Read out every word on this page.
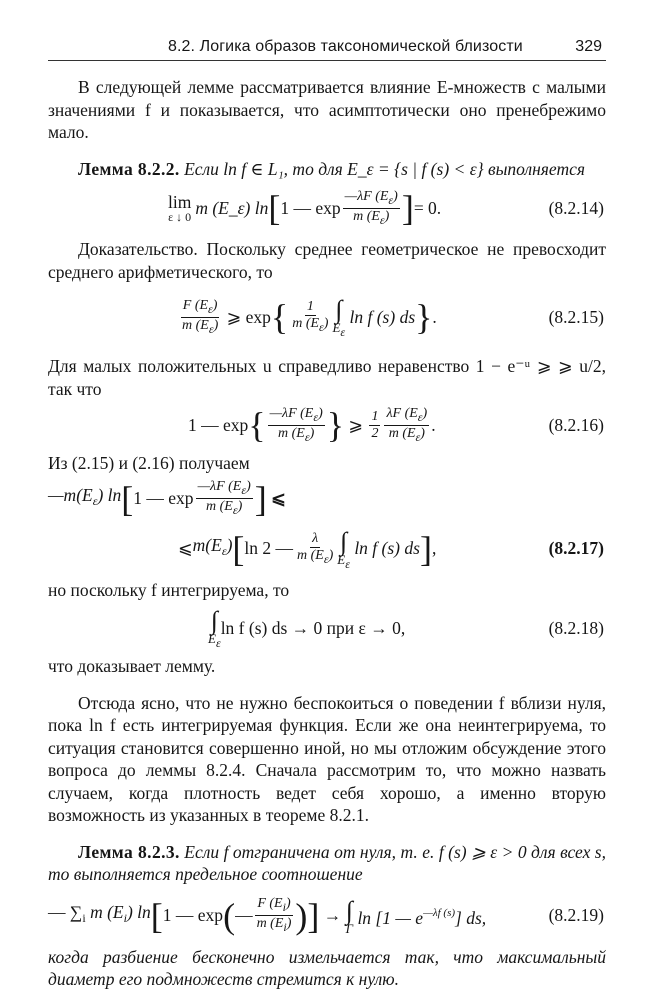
8.2. Логика образов таксономической близости	329

В следующей лемме рассматривается влияние E-множеств с малыми значениями f и показывается, что асимптотически оно пренебрежимо мало.

Лемма 8.2.2. Если ln f ∈ L₁, то для E_ε = {s | f (s) < ε} выполняется

lim
ε ↓ 0 m (E_ε) ln [ 1 — $\exp \frac{—\lambda F (E\varepsilon)}{m (E\varepsilon)}$ ] = 0.	(8.2.14)

Доказательство. Поскольку среднее геометрическое не превосходит среднего арифметического, то

$\frac{F (E\varepsilon)}{m (E\varepsilon)}$ ⩾ exp { $\frac{1}{m (E\varepsilon)}$ ∫
Eε
ln f (s) ds } .	(8.2.15)

Для малых положительных u справедливо неравенство 1 − e⁻ᵘ ⩾ ⩾ u/2, так что

1 — exp { $\frac{—\lambda F (E\varepsilon)}{m (E\varepsilon)}$ } ⩾ $\frac{1}{2} \frac{\lambda F (E\varepsilon)}{m (E\varepsilon)}$ .	(8.2.16)

Из (2.15) и (2.16) получаем

$—m(E_\varepsilon)$ ln [ 1 — $\exp \frac{—\lambda F (E\varepsilon)}{m (E\varepsilon)}$ ] ⩽
⩽ $m(E_\varepsilon)$ [ ln 2 — $\frac{\lambda}{m (E\varepsilon)}$ ∫
Eε
ln f (s) ds ] ,	(8.2.17)

но поскольку f интегрируема, то

∫
Eε
ln f (s) ds → 0 при ε → 0,	(8.2.18)

что доказывает лемму.

Отсюда ясно, что не нужно беспокоиться о поведении f вблизи нуля, пока ln f есть интегрируемая функция. Если же она неинтегрируема, то ситуация становится совершенно иной, но мы отложим обсуждение этого вопроса до леммы 8.2.4. Сначала рассмотрим то, что можно назвать случаем, когда плотность ведет себя хорошо, а именно вторую возможность из указанных в теореме 8.2.1.

Лемма 8.2.3. Если f отграничена от нуля, т. е. f (s) ⩾ ε > 0 для всех s, то выполняется предельное соотношение

— $\sum_i$ m $(E_i)$ ln [ 1 — exp ( — $\frac{F (Ei)}{m (Ei)}$ ) ] → ∫
Γ
ln [1 — $e^{—\lambda f (s)}$] ds,	(8.2.19)

когда разбиение бесконечно измельчается так, что максимальный диаметр его подмножеств стремится к нулю.
